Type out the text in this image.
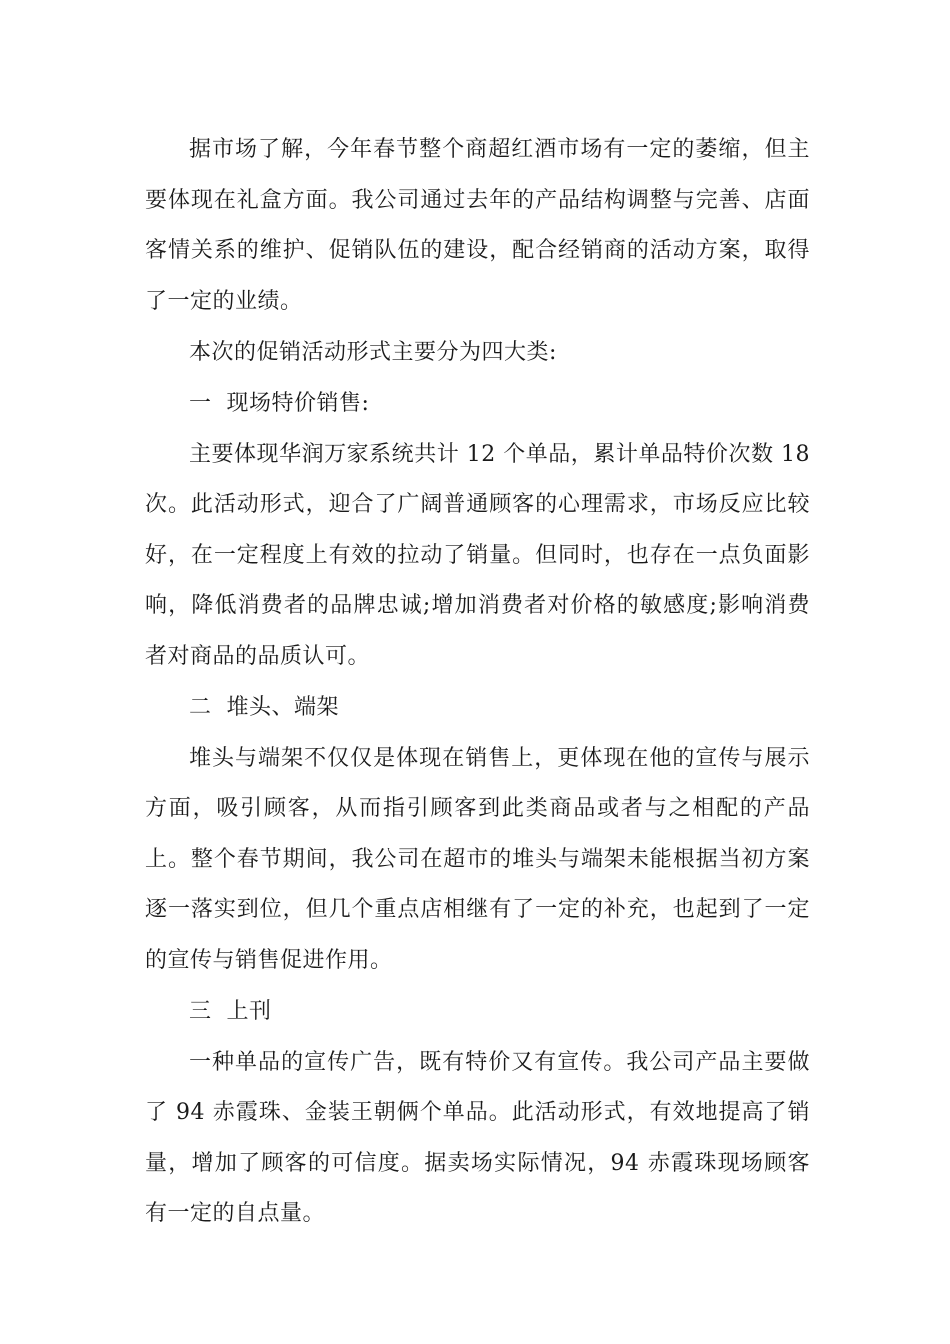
据市场了解，今年春节整个商超红酒市场有一定的萎缩，但主要体现在礼盒方面。我公司通过去年的产品结构调整与完善、店面客情关系的维护、促销队伍的建设，配合经销商的活动方案，取得了一定的业绩。

本次的促销活动形式主要分为四大类:

一  现场特价销售:

主要体现华润万家系统共计 12 个单品，累计单品特价次数 18 次。此活动形式，迎合了广阔普通顾客的心理需求，市场反应比较好，在一定程度上有效的拉动了销量。但同时，也存在一点负面影响，降低消费者的品牌忠诚;增加消费者对价格的敏感度;影响消费者对商品的品质认可。

二  堆头、端架

堆头与端架不仅仅是体现在销售上，更体现在他的宣传与展示方面，吸引顾客，从而指引顾客到此类商品或者与之相配的产品上。整个春节期间，我公司在超市的堆头与端架未能根据当初方案逐一落实到位，但几个重点店相继有了一定的补充，也起到了一定的宣传与销售促进作用。

三  上刊

一种单品的宣传广告，既有特价又有宣传。我公司产品主要做了 94 赤霞珠、金装王朝俩个单品。此活动形式，有效地提高了销量，增加了顾客的可信度。据卖场实际情况，94 赤霞珠现场顾客有一定的自点量。
